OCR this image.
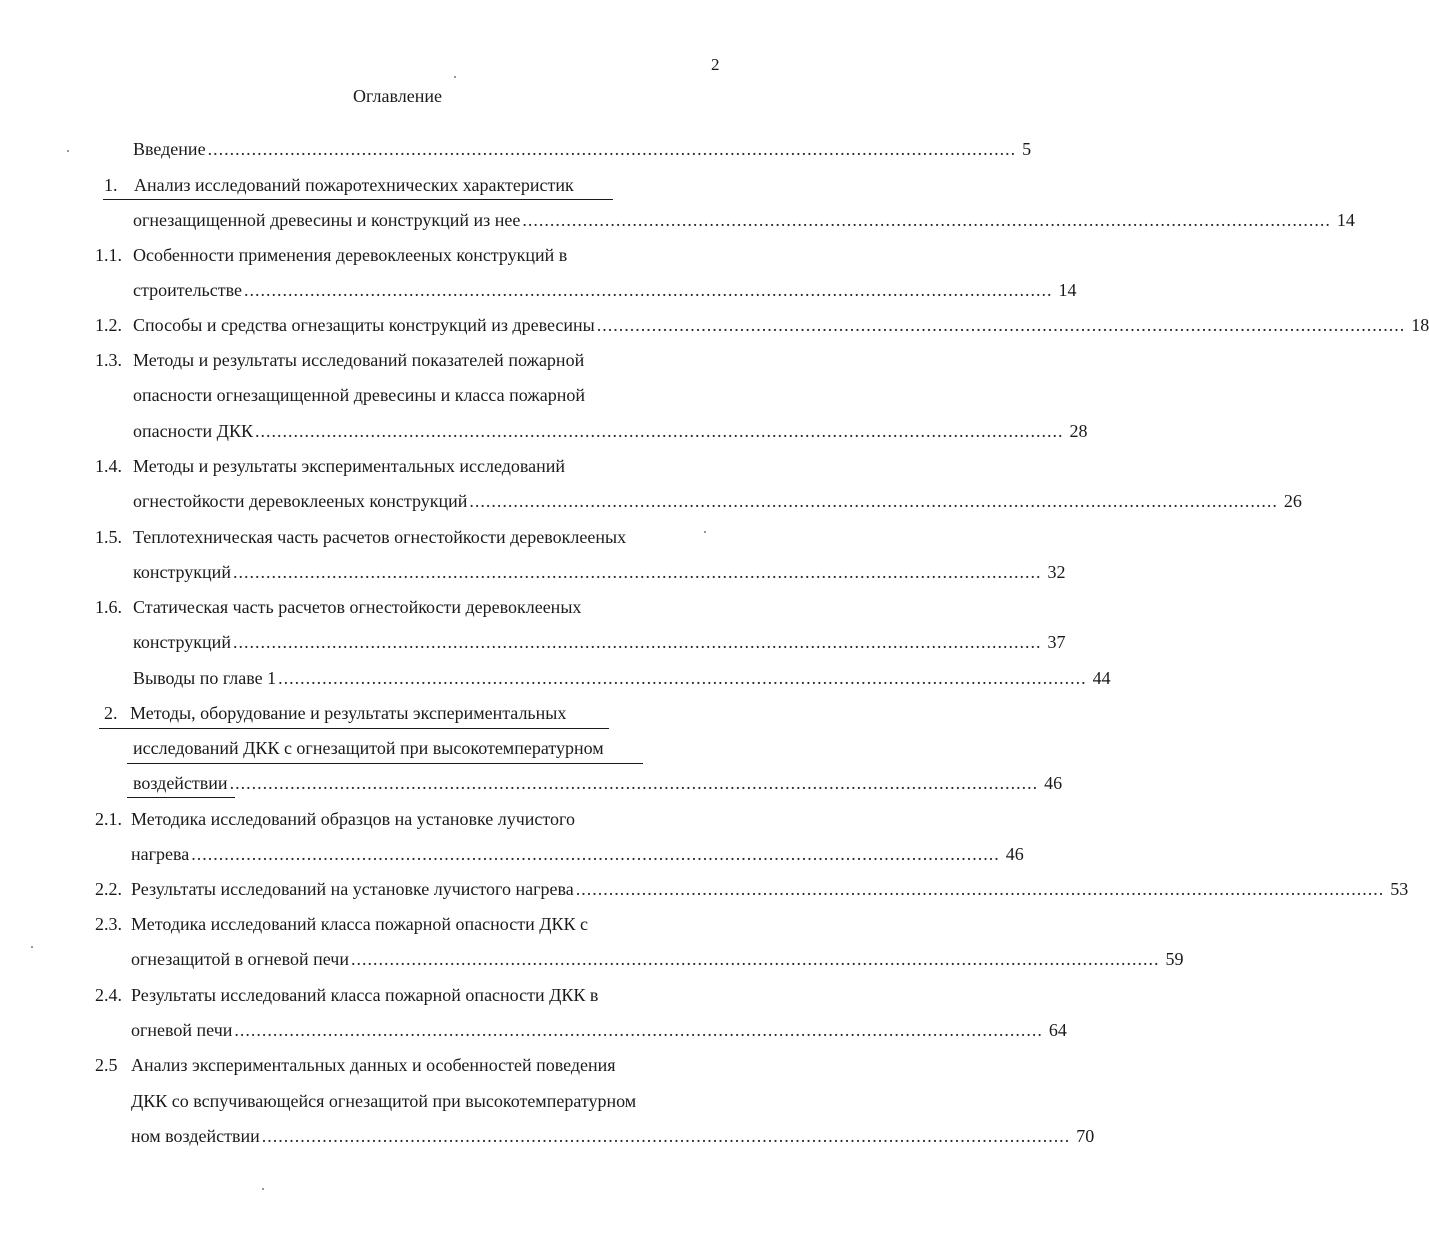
2
Оглавление
Введение ................................................................................................................................................... 5
1. Анализ исследований пожаротехнических характеристик
огнезащищенной древесины и конструкций из нее ................................................................................................................................................... 14
1.1. Особенности применения деревоклееных конструкций в
строительстве ................................................................................................................................................... 14
1.2. Способы и средства огнезащиты конструкций из древесины ................................................................................................................................................... 18
1.3. Методы и результаты исследований показателей пожарной
опасности огнезащищенной древесины и класса пожарной
опасности ДКК ................................................................................................................................................... 28
1.4. Методы и результаты экспериментальных исследований
огнестойкости деревоклееных конструкций ................................................................................................................................................... 26
1.5. Теплотехническая часть расчетов огнестойкости деревоклееных
конструкций ................................................................................................................................................... 32
1.6. Статическая часть расчетов огнестойкости деревоклееных
конструкций ................................................................................................................................................... 37
Выводы по главе 1 ................................................................................................................................................... 44
2. Методы, оборудование и результаты экспериментальных
исследований ДКК с огнезащитой при высокотемпературном
воздействии ................................................................................................................................................... 46
2.1. Методика исследований образцов на установке лучистого
нагрева ................................................................................................................................................... 46
2.2. Результаты исследований на установке лучистого нагрева ................................................................................................................................................... 53
2.3. Методика исследований класса пожарной опасности ДКК с
огнезащитой в огневой печи ................................................................................................................................................... 59
2.4. Результаты исследований класса пожарной опасности ДКК в
огневой печи ................................................................................................................................................... 64
2.5 Анализ экспериментальных данных и особенностей поведения
ДКК со вспучивающейся огнезащитой при высокотемпературном
ном воздействии ................................................................................................................................................... 70
